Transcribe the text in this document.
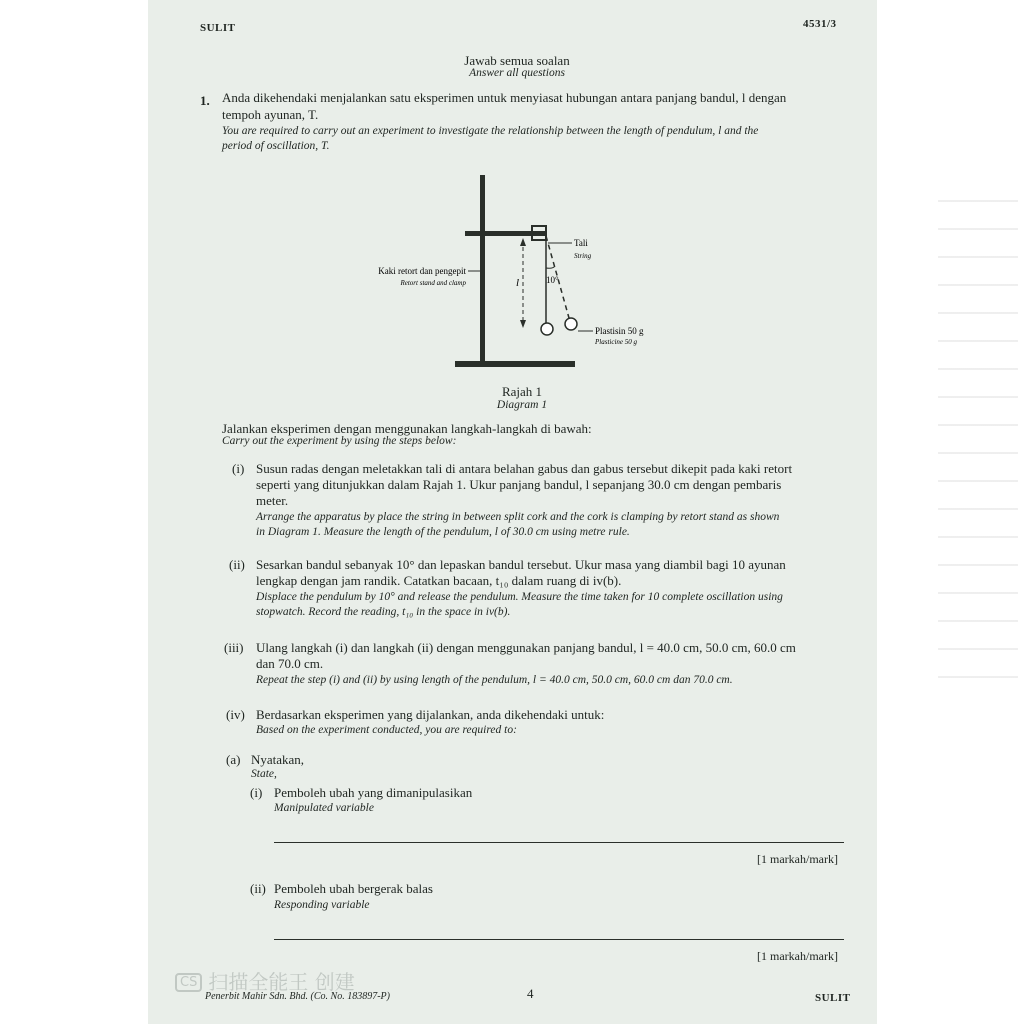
SULIT	4531/3
Jawab semua soalan
Answer all questions
1. Anda dikehendaki menjalankan satu eksperimen untuk menyiasat hubungan antara panjang bandul, l dengan
tempoh ayunan, T.
You are required to carry out an experiment to investigate the relationship between the length of pendulum, l and the
period of oscillation, T.
l	10°
Tali
String
Kaki retort dan pengepit
Retort stand and clamp
Plastisin 50 g
Plasticine 50 g
Rajah 1
Diagram 1
Jalankan eksperimen dengan menggunakan langkah-langkah di bawah:
Carry out the experiment by using the steps below:
(i) Susun radas dengan meletakkan tali di antara belahan gabus dan gabus tersebut dikepit pada kaki retort
seperti yang ditunjukkan dalam Rajah 1. Ukur panjang bandul, l sepanjang 30.0 cm dengan pembaris
meter.
Arrange the apparatus by place the string in between split cork and the cork is clamping by retort stand as shown
in Diagram 1. Measure the length of the pendulum, l of 30.0 cm using metre rule.
(ii) Sesarkan bandul sebanyak 10° dan lepaskan bandul tersebut. Ukur masa yang diambil bagi 10 ayunan
lengkap dengan jam randik. Catatkan bacaan, t₁₀ dalam ruang di iv(b).
Displace the pendulum by 10° and release the pendulum. Measure the time taken for 10 complete oscillation using
stopwatch. Record the reading, t₁₀ in the space in iv(b).
(iii) Ulang langkah (i) dan langkah (ii) dengan menggunakan panjang bandul, l = 40.0 cm, 50.0 cm, 60.0 cm
dan 70.0 cm.
Repeat the step (i) and (ii) by using length of the pendulum, l = 40.0 cm, 50.0 cm, 60.0 cm dan 70.0 cm.
(iv) Berdasarkan eksperimen yang dijalankan, anda dikehendaki untuk:
Based on the experiment conducted, you are required to:
(a) Nyatakan,
State,
(i) Pemboleh ubah yang dimanipulasikan
Manipulated variable
[1 markah/mark]
(ii) Pemboleh ubah bergerak balas
Responding variable
[1 markah/mark]
CS 扫描全能王 创建
Penerbit Mahir Sdn. Bhd. (Co. No. 183897-P)	4	SULIT
